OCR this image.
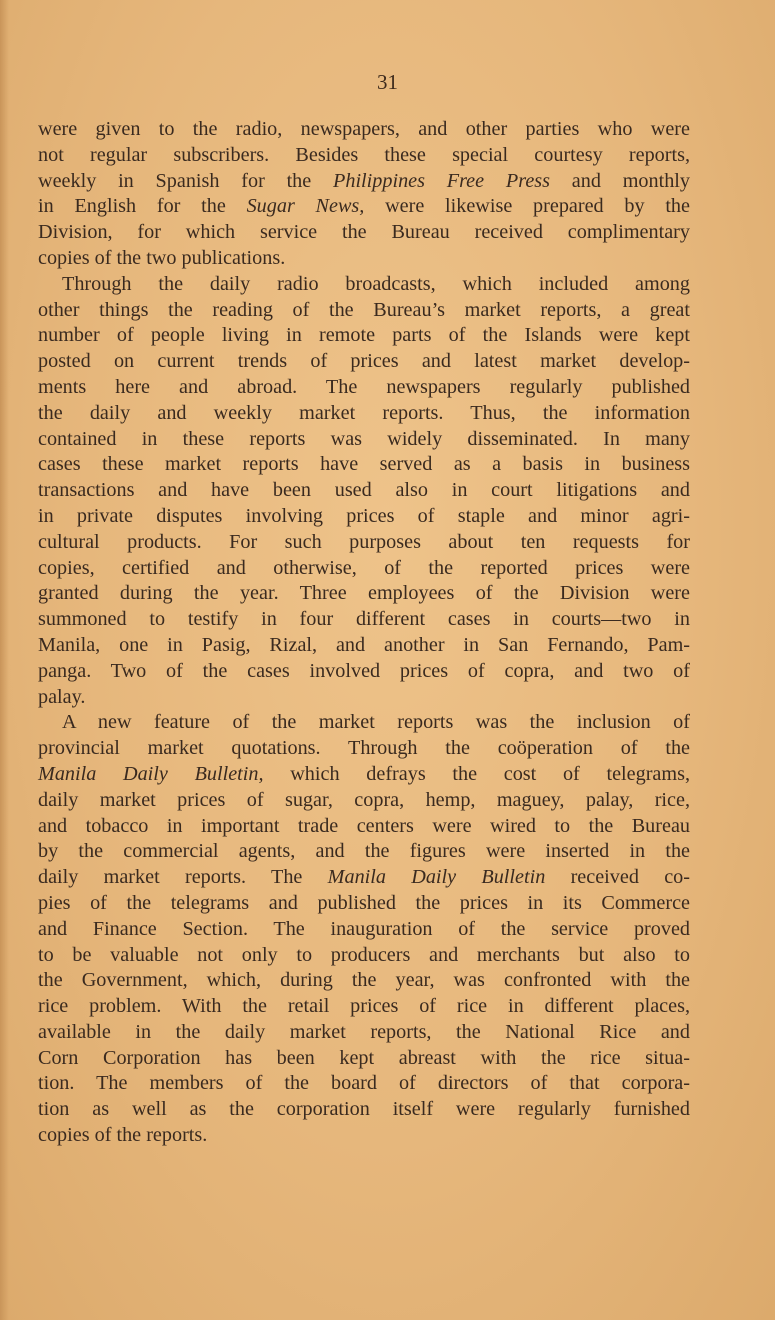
31
were given to the radio, newspapers, and other parties who were
not regular subscribers. Besides these special courtesy reports,
weekly in Spanish for the Philippines Free Press and monthly
in English for the Sugar News, were likewise prepared by the
Division, for which service the Bureau received complimentary
copies of the two publications.
Through the daily radio broadcasts, which included among
other things the reading of the Bureau’s market reports, a great
number of people living in remote parts of the Islands were kept
posted on current trends of prices and latest market develop-
ments here and abroad. The newspapers regularly published
the daily and weekly market reports. Thus, the information
contained in these reports was widely disseminated. In many
cases these market reports have served as a basis in business
transactions and have been used also in court litigations and
in private disputes involving prices of staple and minor agri-
cultural products. For such purposes about ten requests for
copies, certified and otherwise, of the reported prices were
granted during the year. Three employees of the Division were
summoned to testify in four different cases in courts—two in
Manila, one in Pasig, Rizal, and another in San Fernando, Pam-
panga. Two of the cases involved prices of copra, and two of
palay.
A new feature of the market reports was the inclusion of
provincial market quotations. Through the coöperation of the
Manila Daily Bulletin, which defrays the cost of telegrams,
daily market prices of sugar, copra, hemp, maguey, palay, rice,
and tobacco in important trade centers were wired to the Bureau
by the commercial agents, and the figures were inserted in the
daily market reports. The Manila Daily Bulletin received co-
pies of the telegrams and published the prices in its Commerce
and Finance Section. The inauguration of the service proved
to be valuable not only to producers and merchants but also to
the Government, which, during the year, was confronted with the
rice problem. With the retail prices of rice in different places,
available in the daily market reports, the National Rice and
Corn Corporation has been kept abreast with the rice situa-
tion. The members of the board of directors of that corpora-
tion as well as the corporation itself were regularly furnished
copies of the reports.
